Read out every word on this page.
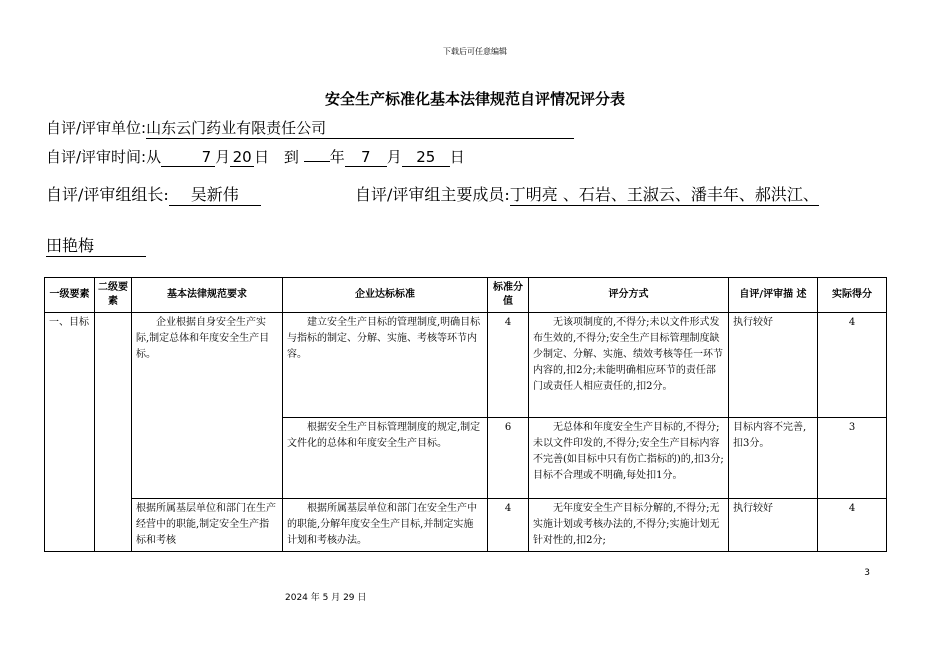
下载后可任意编辑
安全生产标准化基本法律规范自评情况评分表
自评/评审单位:山东云门药业有限责任公司
自评/评审时间:从	7 月 20 日 到 年 7 月 25 日
自评/评审组组长: 吴新伟	自评/评审组主要成员:丁明亮 、石岩、王淑云、潘丰年、郝洪江、
田艳梅
一级要素	二级要素	基本法律规范要求	企业达标标准	标准分值	评分方式	自评/评审描 述	实际得分
一、目标		企业根据自身安全生产实际,制定总体和年度安全生产目标。	建立安全生产目标的管理制度,明确目标与指标的制定、分解、实施、考核等环节内容。	4	无该项制度的,不得分;未以文件形式发布生效的,不得分;安全生产目标管理制度缺少制定、分解、实施、绩效考核等任一环节内容的,扣2分;未能明确相应环节的责任部门或责任人相应责任的,扣2分。	执行较好	4
			根据安全生产目标管理制度的规定,制定文件化的总体和年度安全生产目标。	6	无总体和年度安全生产目标的,不得分;未以文件印发的,不得分;安全生产目标内容不完善(如目标中只有伤亡指标的)的,扣3分;目标不合理或不明确,每处扣1分。	目标内容不完善,扣3分。	3
		根据所属基层单位和部门在生产经营中的职能,制定安全生产指标和考核	根据所属基层单位和部门在安全生产中的职能,分解年度安全生产目标,并制定实施计划和考核办法。	4	无年度安全生产目标分解的,不得分;无实施计划或考核办法的,不得分;实施计划无针对性的,扣2分;	执行较好	4
3
2024 年 5 月 29 日
